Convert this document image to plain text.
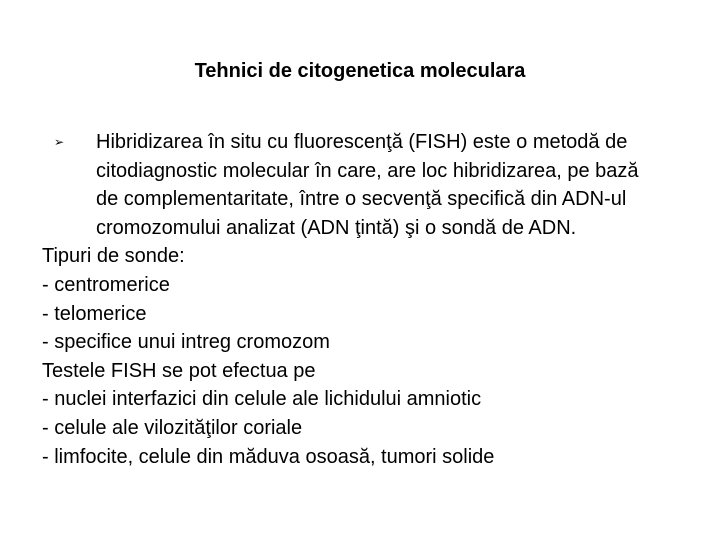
Tehnici de citogenetica moleculara
➢ Hibridizarea în situ cu fluorescenţă (FISH) este o metodă de citodiagnostic molecular în care, are loc hibridizarea, pe bază de complementaritate, între o secvenţă specifică din ADN-ul cromozomului analizat (ADN ţintă) şi o sondă de ADN.
Tipuri de sonde:
- centromerice
- telomerice
- specifice unui intreg cromozom
Testele FISH se pot efectua pe
- nuclei interfazici din celule ale lichidului amniotic
- celule ale vilozităţilor coriale
- limfocite, celule din măduva osoasă, tumori solide
